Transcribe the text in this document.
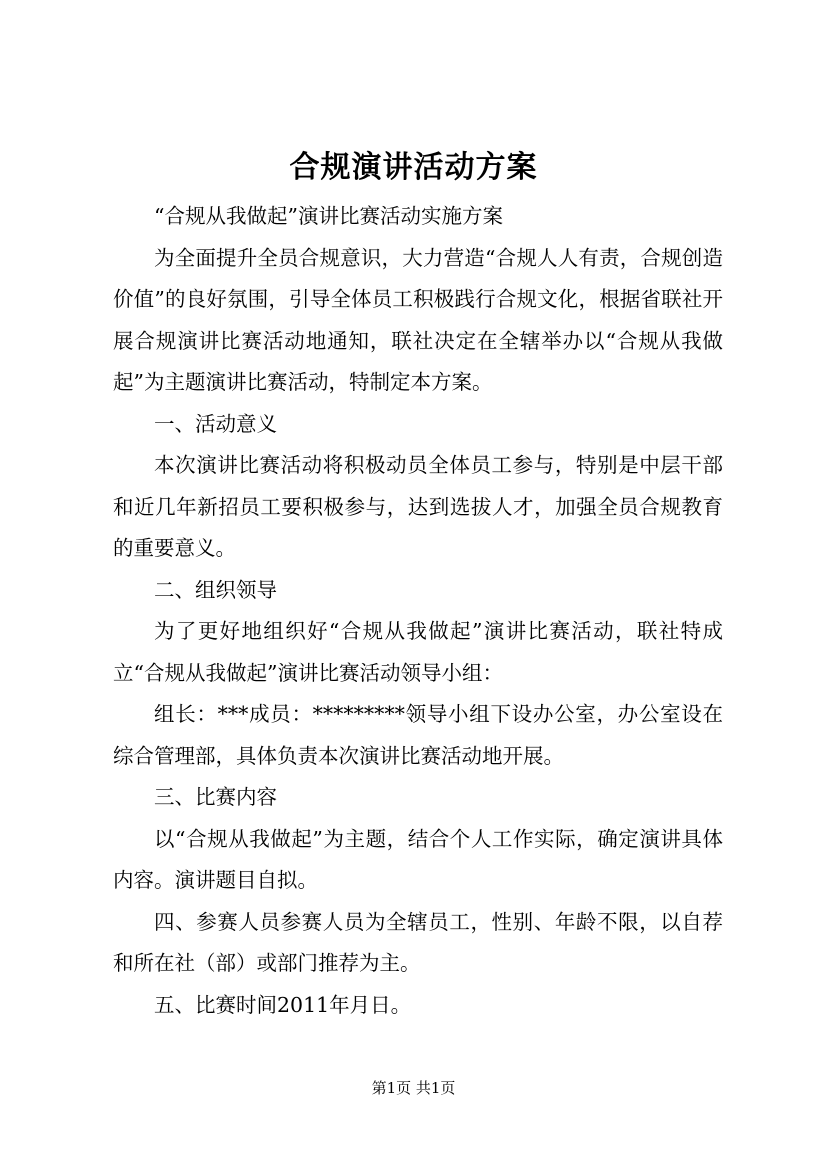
合规演讲活动方案

“合规从我做起”演讲比赛活动实施方案

为全面提升全员合规意识，大力营造“合规人人有责，合规创造价值”的良好氛围，引导全体员工积极践行合规文化，根据省联社开展合规演讲比赛活动地通知，联社决定在全辖举办以“合规从我做起”为主题演讲比赛活动，特制定本方案。

一、活动意义

本次演讲比赛活动将积极动员全体员工参与，特别是中层干部和近几年新招员工要积极参与，达到选拔人才，加强全员合规教育的重要意义。

二、组织领导

为了更好地组织好“合规从我做起”演讲比赛活动，联社特成立“合规从我做起”演讲比赛活动领导小组：

组长：***成员：*********领导小组下设办公室，办公室设在综合管理部，具体负责本次演讲比赛活动地开展。

三、比赛内容

以“合规从我做起”为主题，结合个人工作实际，确定演讲具体内容。演讲题目自拟。

四、参赛人员参赛人员为全辖员工，性别、年龄不限，以自荐和所在社（部）或部门推荐为主。

五、比赛时间2011年月日。

第1页 共1页
